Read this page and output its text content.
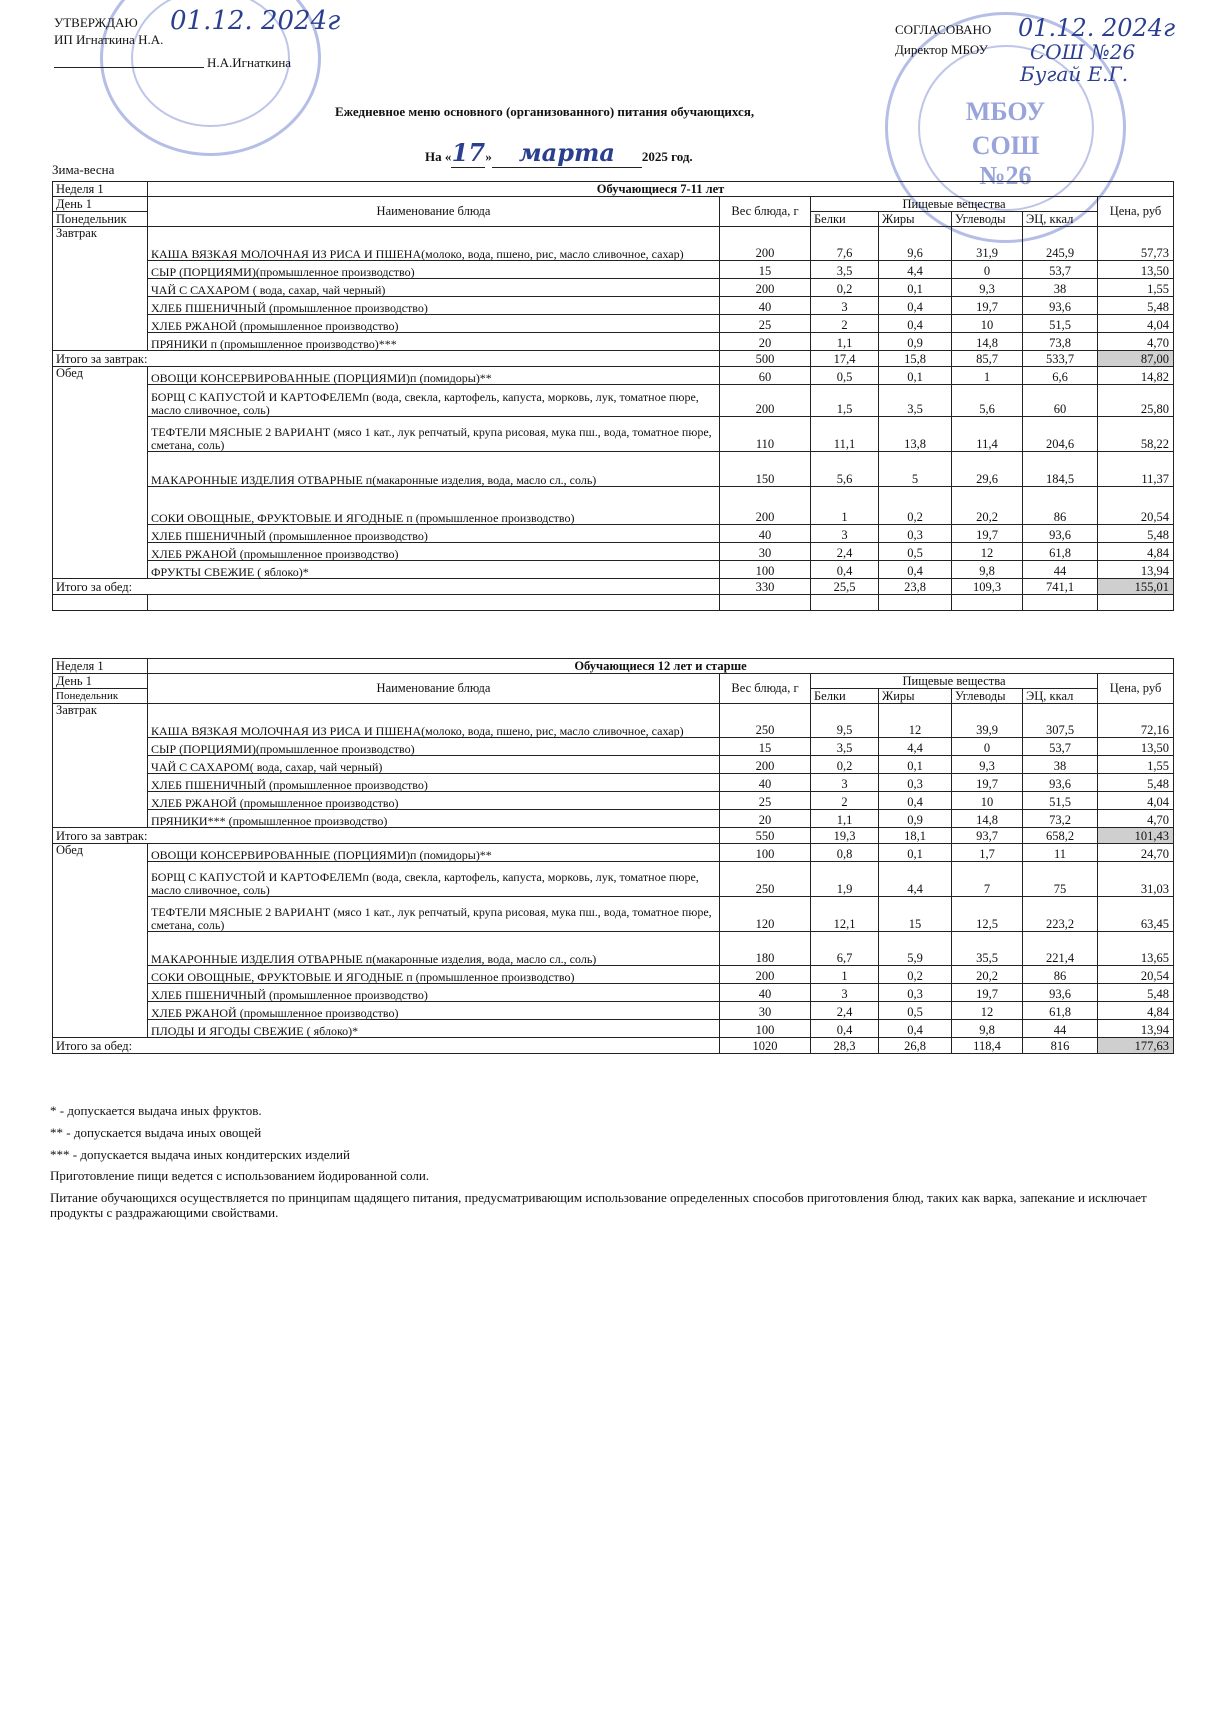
МБОУ
СОШ №26
УТВЕРЖДАЮ
ИП Игнаткина Н.А.
Н.А.Игнаткина
01.12. 2024г	СОГЛАСОВАНО
Директор МБОУ
01.12. 2024г
СОШ №26
Бугай Е.Г.
Ежедневное меню основного (организованного) питания обучающихся,
На «17» марта 2025 год.
Зима-весна
Неделя 1	Обучающиеся 7-11 лет						
День 1	Наименование блюда	Вес блюда, г	Пищевые вещества				Цена, руб
Понедельник			Белки	Жиры	Углеводы	ЭЦ, ккал	
Завтрак	КАША ВЯЗКАЯ МОЛОЧНАЯ ИЗ РИСА И ПШЕНА(молоко, вода, пшено, рис, масло сливочное, сахар)	200	7,6	9,6	31,9	245,9	57,73
	СЫР (ПОРЦИЯМИ)(промышленное производство)	15	3,5	4,4	0	53,7	13,50
	ЧАЙ С САХАРОМ ( вода, сахар, чай черный)	200	0,2	0,1	9,3	38	1,55
	ХЛЕБ ПШЕНИЧНЫЙ (промышленное производство)	40	3	0,4	19,7	93,6	5,48
	ХЛЕБ РЖАНОЙ (промышленное производство)	25	2	0,4	10	51,5	4,04
	ПРЯНИКИ п (промышленное производство)***	20	1,1	0,9	14,8	73,8	4,70
Итого за завтрак:		500	17,4	15,8	85,7	533,7	87,00
Обед	ОВОЩИ КОНСЕРВИРОВАННЫЕ (ПОРЦИЯМИ)п (помидоры)**	60	0,5	0,1	1	6,6	14,82
	БОРЩ С КАПУСТОЙ И КАРТОФЕЛЕМп (вода, свекла, картофель, капуста, морковь, лук, томатное пюре, масло сливочное, соль)	200	1,5	3,5	5,6	60	25,80
	ТЕФТЕЛИ МЯСНЫЕ 2 ВАРИАНТ (мясо 1 кат., лук репчатый, крупа рисовая, мука пш., вода, томатное пюре, сметана, соль)	110	11,1	13,8	11,4	204,6	58,22
	МАКАРОННЫЕ ИЗДЕЛИЯ ОТВАРНЫЕ п(макаронные изделия, вода, масло сл., соль)	150	5,6	5	29,6	184,5	11,37
	СОКИ ОВОЩНЫЕ, ФРУКТОВЫЕ И ЯГОДНЫЕ п (промышленное производство)	200	1	0,2	20,2	86	20,54
	ХЛЕБ ПШЕНИЧНЫЙ (промышленное производство)	40	3	0,3	19,7	93,6	5,48
	ХЛЕБ РЖАНОЙ (промышленное производство)	30	2,4	0,5	12	61,8	4,84
	ФРУКТЫ СВЕЖИЕ ( яблоко)*	100	0,4	0,4	9,8	44	13,94
Итого за обед:		330	25,5	23,8	109,3	741,1	155,01

Неделя 1	Обучающиеся 12 лет и старше						
День 1	Наименование блюда	Вес блюда, г	Пищевые вещества				Цена, руб
Понедельник			Белки	Жиры	Углеводы	ЭЦ, ккал	
Завтрак	КАША ВЯЗКАЯ МОЛОЧНАЯ ИЗ РИСА И ПШЕНА(молоко, вода, пшено, рис, масло сливочное, сахар)	250	9,5	12	39,9	307,5	72,16
	СЫР (ПОРЦИЯМИ)(промышленное производство)	15	3,5	4,4	0	53,7	13,50
	ЧАЙ С САХАРОМ( вода, сахар, чай черный)	200	0,2	0,1	9,3	38	1,55
	ХЛЕБ ПШЕНИЧНЫЙ (промышленное производство)	40	3	0,3	19,7	93,6	5,48
	ХЛЕБ РЖАНОЙ (промышленное производство)	25	2	0,4	10	51,5	4,04
	ПРЯНИКИ*** (промышленное производство)	20	1,1	0,9	14,8	73,2	4,70
Итого за завтрак:		550	19,3	18,1	93,7	658,2	101,43
Обед	ОВОЩИ КОНСЕРВИРОВАННЫЕ (ПОРЦИЯМИ)п (помидоры)**	100	0,8	0,1	1,7	11	24,70
	БОРЩ С КАПУСТОЙ И КАРТОФЕЛЕМп (вода, свекла, картофель, капуста, морковь, лук, томатное пюре, масло сливочное, соль)	250	1,9	4,4	7	75	31,03
	ТЕФТЕЛИ МЯСНЫЕ 2 ВАРИАНТ (мясо 1 кат., лук репчатый, крупа рисовая, мука пш., вода, томатное пюре, сметана, соль)	120	12,1	15	12,5	223,2	63,45
	МАКАРОННЫЕ ИЗДЕЛИЯ ОТВАРНЫЕ п(макаронные изделия, вода, масло сл., соль)	180	6,7	5,9	35,5	221,4	13,65
	СОКИ ОВОЩНЫЕ, ФРУКТОВЫЕ И ЯГОДНЫЕ п (промышленное производство)	200	1	0,2	20,2	86	20,54
	ХЛЕБ ПШЕНИЧНЫЙ (промышленное производство)	40	3	0,3	19,7	93,6	5,48
	ХЛЕБ РЖАНОЙ (промышленное производство)	30	2,4	0,5	12	61,8	4,84
	ПЛОДЫ И ЯГОДЫ СВЕЖИЕ ( яблоко)*	100	0,4	0,4	9,8	44	13,94
Итого за обед:		1020	28,3	26,8	118,4	816	177,63
* - допускается выдача иных фруктов.
** - допускается выдача иных овощей
*** - допускается выдача иных кондитерских изделий
Приготовление пищи ведется с использованием йодированной соли.
Питание обучающихся осуществляется по принципам щадящего питания, предусматривающим использование определенных способов приготовления блюд, таких как варка, запекание и исключает продукты с раздражающими свойствами.
